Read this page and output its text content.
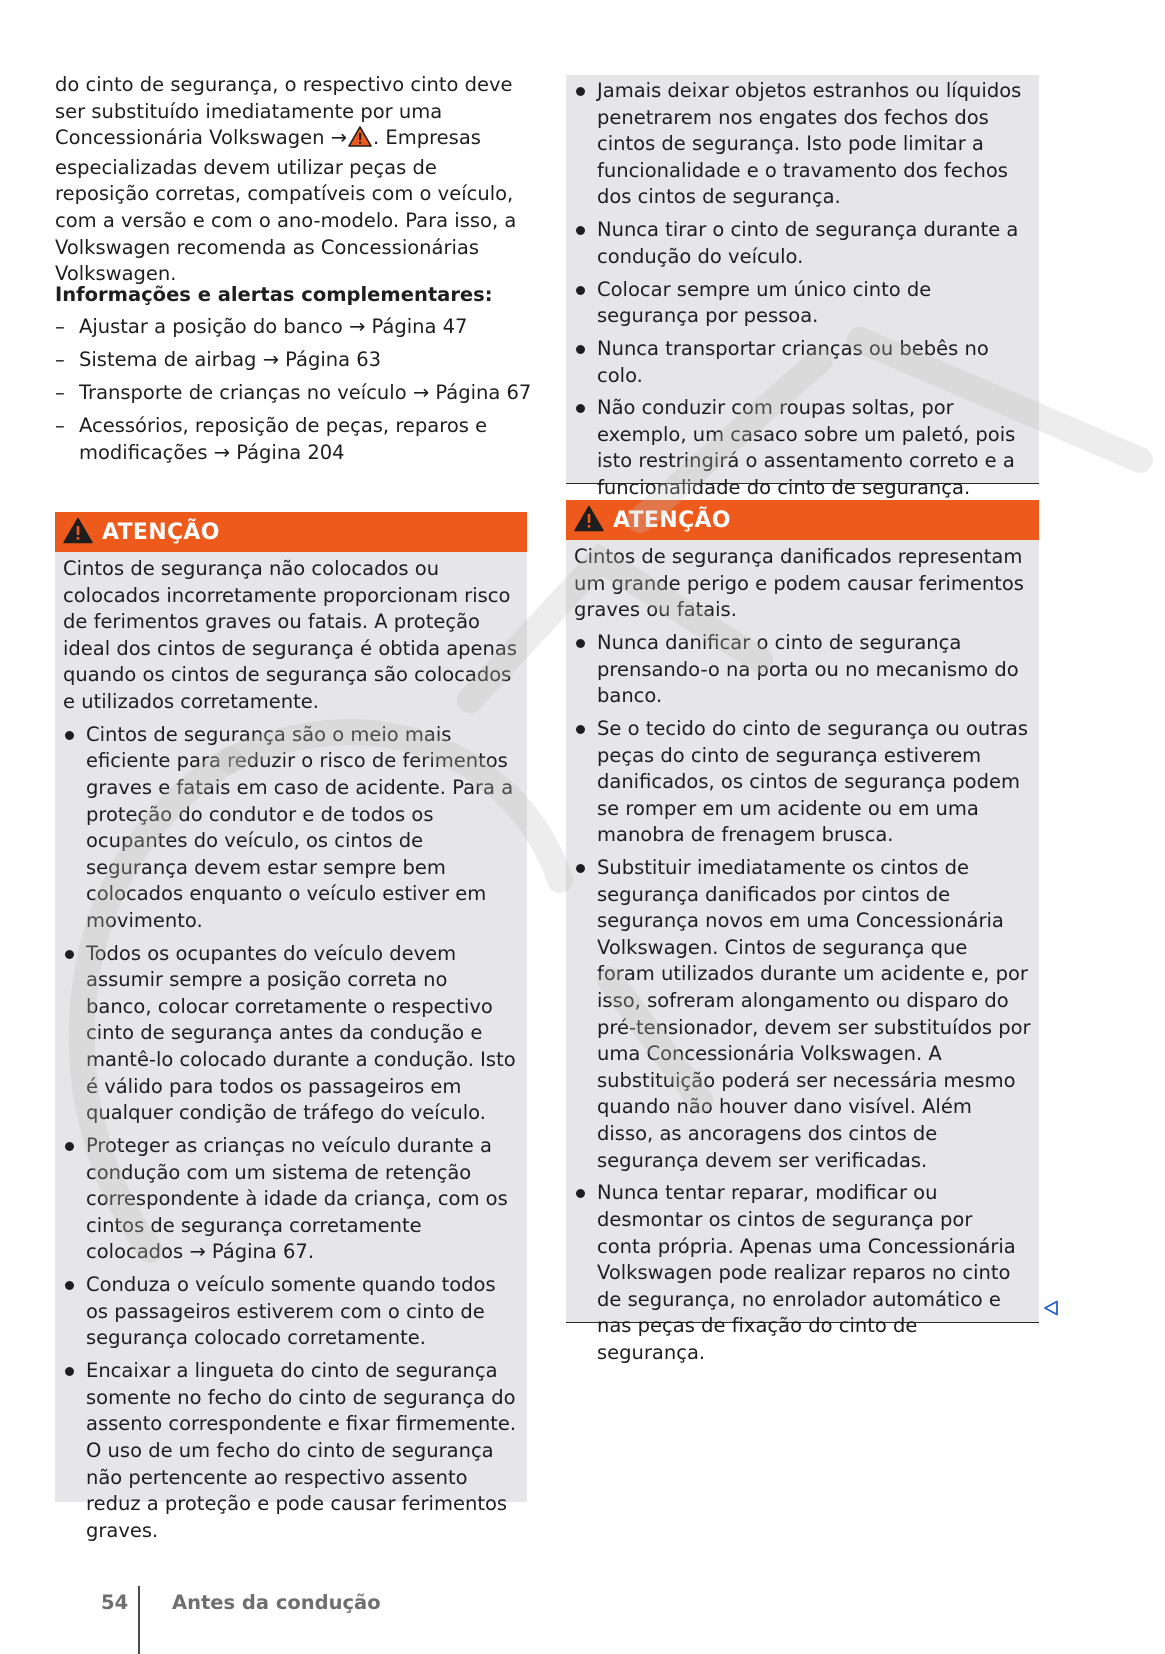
do cinto de segurança, o respectivo cinto deve ser substituído imediatamente por uma Concessionária Volkswagen → . Empresas especializadas devem utilizar peças de reposição corretas, compatíveis com o veículo, com a versão e com o ano-modelo. Para isso, a Volkswagen recomenda as Concessionárias Volkswagen.

Informações e alertas complementares:

– Ajustar a posição do banco → Página 47
– Sistema de airbag → Página 63
– Transporte de crianças no veículo → Página 67
– Acessórios, reposição de peças, reparos e modificações → Página 204
ATENÇÃO

Cintos de segurança não colocados ou colocados incorretamente proporcionam risco de ferimentos graves ou fatais. A proteção ideal dos cintos de segurança é obtida apenas quando os cintos de segurança são colocados e utilizados corretamente.

Cintos de segurança são o meio mais eficiente para reduzir o risco de ferimentos graves e fatais em caso de acidente. Para a proteção do condutor e de todos os ocupantes do veículo, os cintos de segurança devem estar sempre bem colocados enquanto o veículo estiver em movimento.
Todos os ocupantes do veículo devem assumir sempre a posição correta no banco, colocar corretamente o respectivo cinto de segurança antes da condução e mantê-lo colocado durante a condução. Isto é válido para todos os passageiros em qualquer condição de tráfego do veículo.
Proteger as crianças no veículo durante a condução com um sistema de retenção correspondente à idade da criança, com os cintos de segurança corretamente colocados → Página 67.
Conduza o veículo somente quando todos os passageiros estiverem com o cinto de segurança colocado corretamente.
Encaixar a lingueta do cinto de segurança somente no fecho do cinto de segurança do assento correspondente e fixar firmemente. O uso de um fecho do cinto de segurança não pertencente ao respectivo assento reduz a proteção e pode causar ferimentos graves.
Jamais deixar objetos estranhos ou líquidos penetrarem nos engates dos fechos dos cintos de segurança. Isto pode limitar a funcionalidade e o travamento dos fechos dos cintos de segurança.
Nunca tirar o cinto de segurança durante a condução do veículo.
Colocar sempre um único cinto de segurança por pessoa.
Nunca transportar crianças ou bebês no colo.
Não conduzir com roupas soltas, por exemplo, um casaco sobre um paletó, pois isto restringirá o assentamento correto e a funcionalidade do cinto de segurança.
ATENÇÃO

Cintos de segurança danificados representam um grande perigo e podem causar ferimentos graves ou fatais.

Nunca danificar o cinto de segurança prensando-o na porta ou no mecanismo do banco.
Se o tecido do cinto de segurança ou outras peças do cinto de segurança estiverem danificados, os cintos de segurança podem se romper em um acidente ou em uma manobra de frenagem brusca.
Substituir imediatamente os cintos de segurança danificados por cintos de segurança novos em uma Concessionária Volkswagen. Cintos de segurança que foram utilizados durante um acidente e, por isso, sofreram alongamento ou disparo do pré-tensionador, devem ser substituídos por uma Concessionária Volkswagen. A substituição poderá ser necessária mesmo quando não houver dano visível. Além disso, as ancoragens dos cintos de segurança devem ser verificadas.
Nunca tentar reparar, modificar ou desmontar os cintos de segurança por conta própria. Apenas uma Concessionária Volkswagen pode realizar reparos no cinto de segurança, no enrolador automático e nas peças de fixação do cinto de segurança.
54 Antes da condução
